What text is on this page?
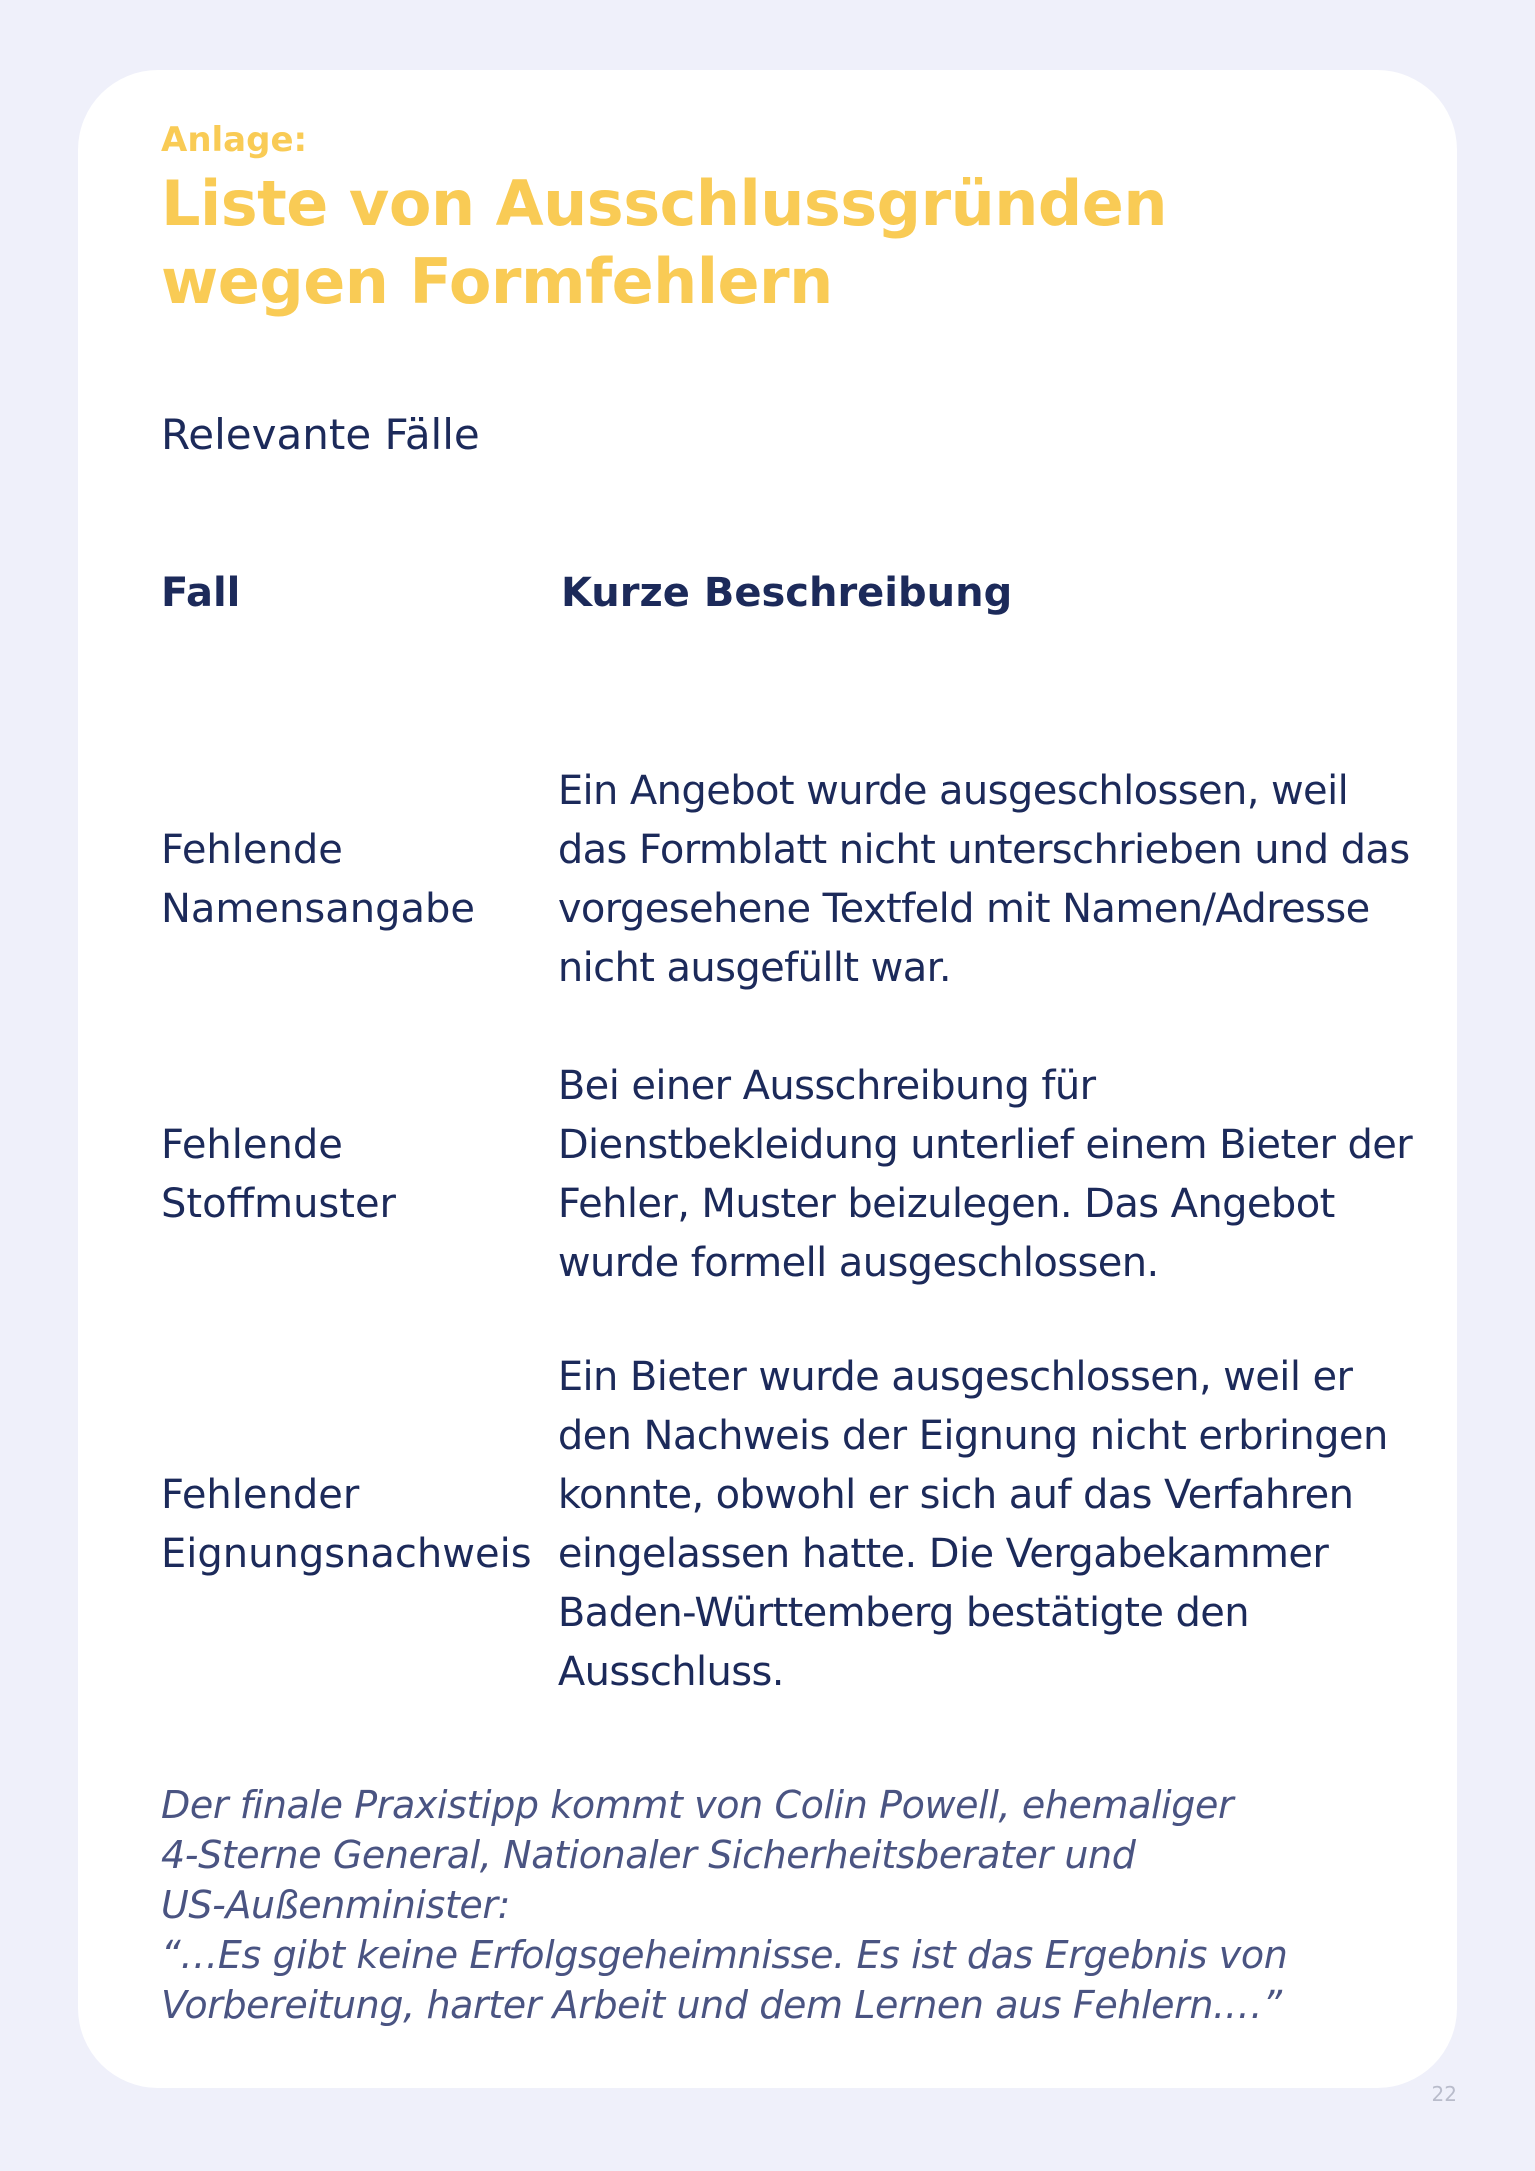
Anlage:
Liste von Ausschlussgründen
wegen Formfehlern
Relevante Fälle
Fall	Kurze Beschreibung
Fehlende
Namensangabe
Ein Angebot wurde ausgeschlossen, weil
das Formblatt nicht unterschrieben und das
vorgesehene Textfeld mit Namen/Adresse
nicht ausgefüllt war.
Fehlende
Stoffmuster
Bei einer Ausschreibung für
Dienstbekleidung unterlief einem Bieter der
Fehler, Muster beizulegen. Das Angebot
wurde formell ausgeschlossen.
Fehlender
Eignungsnachweis
Ein Bieter wurde ausgeschlossen, weil er
den Nachweis der Eignung nicht erbringen
konnte, obwohl er sich auf das Verfahren
eingelassen hatte. Die Vergabekammer
Baden-Württemberg bestätigte den
Ausschluss.
Der finale Praxistipp kommt von Colin Powell, ehemaliger
4-Sterne General, Nationaler Sicherheitsberater und
US-Außenminister:
“…Es gibt keine Erfolgsgeheimnisse. Es ist das Ergebnis von
Vorbereitung, harter Arbeit und dem Lernen aus Fehlern.…”
22
